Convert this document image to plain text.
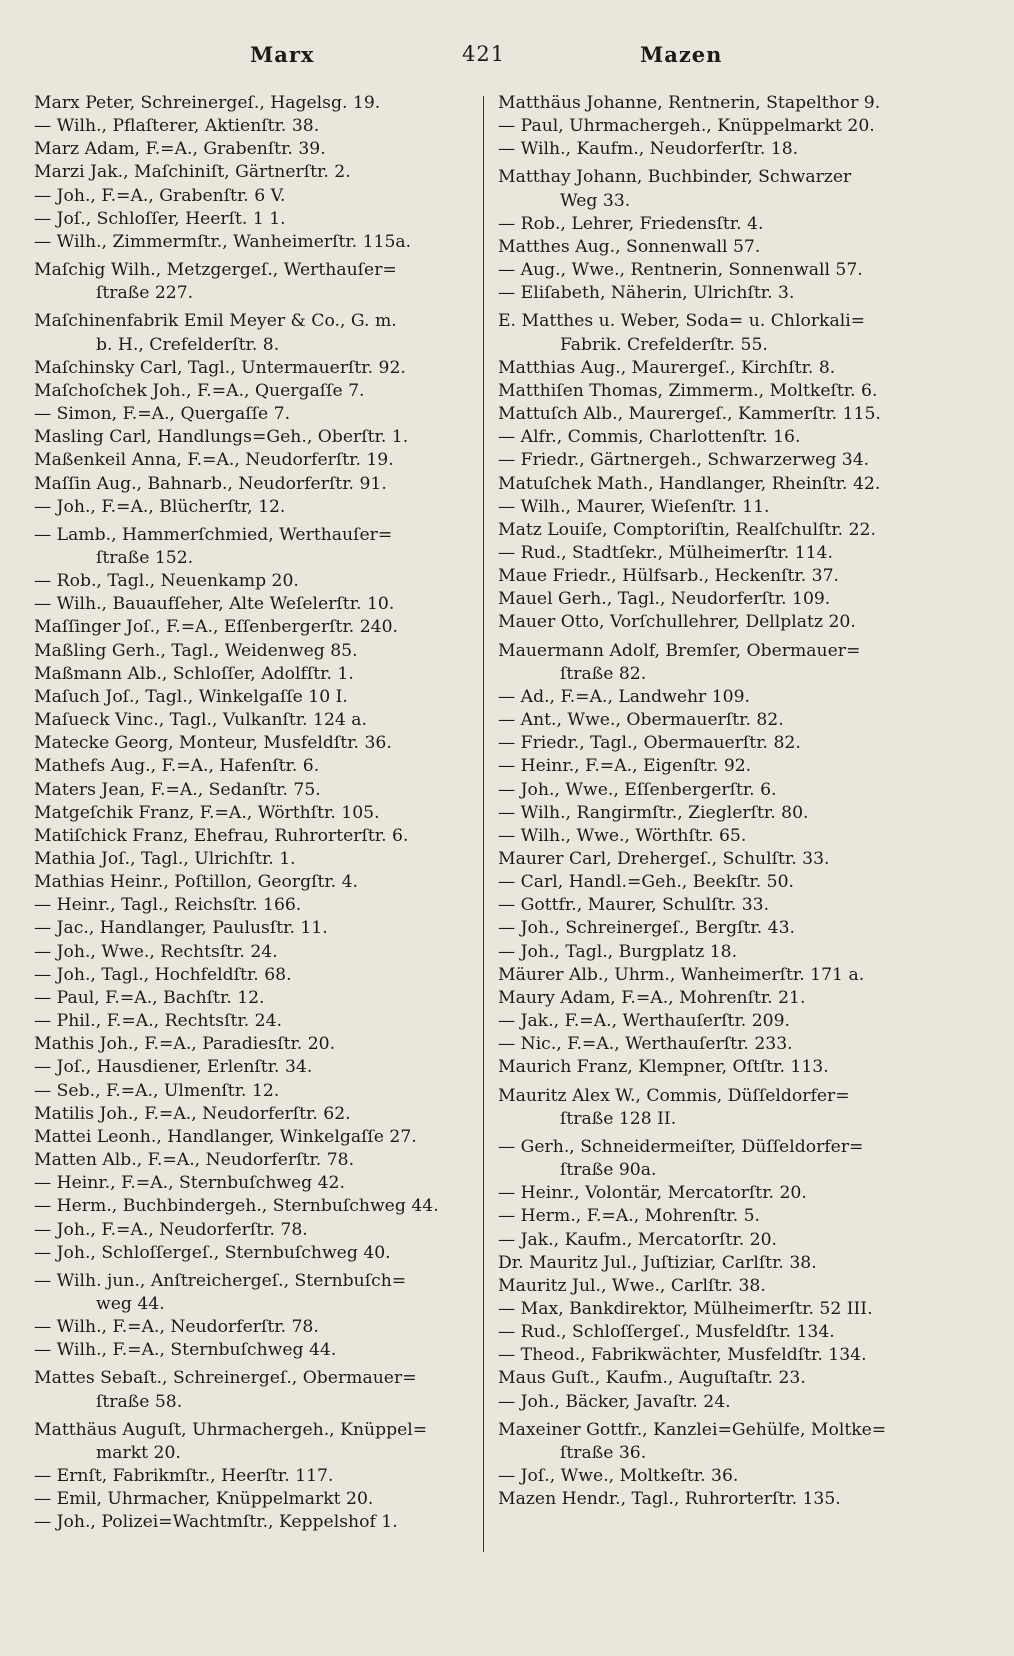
Marx	421	Mazen
Marx Peter, Schreinergeſ., Hagelsg. 19.
— Wilh., Pflaſterer, Aktienſtr. 38.
Marz Adam, F.=A., Grabenſtr. 39.
Marzi Jak., Maſchiniſt, Gärtnerſtr. 2.
— Joh., F.=A., Grabenſtr. 6 V.
— Joſ., Schloſſer, Heerſt. 1 1.
— Wilh., Zimmermſtr., Wanheimerſtr. 115a.
Maſchig Wilh., Metzgergeſ., Werthauſer=
ſtraße 227.
Maſchinenfabrik Emil Meyer & Co., G. m.
b. H., Crefelderſtr. 8.
Maſchinsky Carl, Tagl., Untermauerſtr. 92.
Maſchoſchek Joh., F.=A., Quergaſſe 7.
— Simon, F.=A., Quergaſſe 7.
Masling Carl, Handlungs=Geh., Oberſtr. 1.
Maßenkeil Anna, F.=A., Neudorferſtr. 19.
Maſſin Aug., Bahnarb., Neudorferſtr. 91.
— Joh., F.=A., Blücherſtr, 12.
— Lamb., Hammerſchmied, Werthauſer=
ſtraße 152.
— Rob., Tagl., Neuenkamp 20.
— Wilh., Bauaufſeher, Alte Weſelerſtr. 10.
Maſſinger Joſ., F.=A., Eſſenbergerſtr. 240.
Maßling Gerh., Tagl., Weidenweg 85.
Maßmann Alb., Schloſſer, Adolfſtr. 1.
Maſuch Joſ., Tagl., Winkelgaſſe 10 I.
Maſueck Vinc., Tagl., Vulkanſtr. 124 a.
Matecke Georg, Monteur, Musfeldſtr. 36.
Mathefs Aug., F.=A., Hafenſtr. 6.
Maters Jean, F.=A., Sedanſtr. 75.
Matgeſchik Franz, F.=A., Wörthſtr. 105.
Matiſchick Franz, Ehefrau, Ruhrorterſtr. 6.
Mathia Joſ., Tagl., Ulrichſtr. 1.
Mathias Heinr., Poſtillon, Georgſtr. 4.
— Heinr., Tagl., Reichsſtr. 166.
— Jac., Handlanger, Paulusſtr. 11.
— Joh., Wwe., Rechtsſtr. 24.
— Joh., Tagl., Hochfeldſtr. 68.
— Paul, F.=A., Bachſtr. 12.
— Phil., F.=A., Rechtsſtr. 24.
Mathis Joh., F.=A., Paradiesſtr. 20.
— Joſ., Hausdiener, Erlenſtr. 34.
— Seb., F.=A., Ulmenſtr. 12.
Matilis Joh., F.=A., Neudorferſtr. 62.
Mattei Leonh., Handlanger, Winkelgaſſe 27.
Matten Alb., F.=A., Neudorferſtr. 78.
— Heinr., F.=A., Sternbuſchweg 42.
— Herm., Buchbindergeh., Sternbuſchweg 44.
— Joh., F.=A., Neudorferſtr. 78.
— Joh., Schloſſergeſ., Sternbuſchweg 40.
— Wilh. jun., Anſtreichergeſ., Sternbuſch=
weg 44.
— Wilh., F.=A., Neudorferſtr. 78.
— Wilh., F.=A., Sternbuſchweg 44.
Mattes Sebaſt., Schreinergeſ., Obermauer=
ſtraße 58.
Matthäus Auguſt, Uhrmachergeh., Knüppel=
markt 20.
— Ernſt, Fabrikmſtr., Heerſtr. 117.
— Emil, Uhrmacher, Knüppelmarkt 20.
— Joh., Polizei=Wachtmſtr., Keppelshof 1.
Matthäus Johanne, Rentnerin, Stapelthor 9.
— Paul, Uhrmachergeh., Knüppelmarkt 20.
— Wilh., Kaufm., Neudorferſtr. 18.
Matthay Johann, Buchbinder, Schwarzer
Weg 33.
— Rob., Lehrer, Friedensſtr. 4.
Matthes Aug., Sonnenwall 57.
— Aug., Wwe., Rentnerin, Sonnenwall 57.
— Eliſabeth, Näherin, Ulrichſtr. 3.
E. Matthes u. Weber, Soda= u. Chlorkali=
Fabrik. Crefelderſtr. 55.
Matthias Aug., Maurergeſ., Kirchſtr. 8.
Matthiſen Thomas, Zimmerm., Moltkeſtr. 6.
Mattuſch Alb., Maurergeſ., Kammerſtr. 115.
— Alfr., Commis, Charlottenſtr. 16.
— Friedr., Gärtnergeh., Schwarzerweg 34.
Matuſchek Math., Handlanger, Rheinſtr. 42.
— Wilh., Maurer, Wieſenſtr. 11.
Matz Louiſe, Comptoriſtin, Realſchulſtr. 22.
— Rud., Stadtſekr., Mülheimerſtr. 114.
Maue Friedr., Hülfsarb., Heckenſtr. 37.
Mauel Gerh., Tagl., Neudorferſtr. 109.
Mauer Otto, Vorſchullehrer, Dellplatz 20.
Mauermann Adolf, Bremſer, Obermauer=
ſtraße 82.
— Ad., F.=A., Landwehr 109.
— Ant., Wwe., Obermauerſtr. 82.
— Friedr., Tagl., Obermauerſtr. 82.
— Heinr., F.=A., Eigenſtr. 92.
— Joh., Wwe., Eſſenbergerſtr. 6.
— Wilh., Rangirmſtr., Zieglerſtr. 80.
— Wilh., Wwe., Wörthſtr. 65.
Maurer Carl, Drehergeſ., Schulſtr. 33.
— Carl, Handl.=Geh., Beekſtr. 50.
— Gottfr., Maurer, Schulſtr. 33.
— Joh., Schreinergeſ., Bergſtr. 43.
— Joh., Tagl., Burgplatz 18.
Mäurer Alb., Uhrm., Wanheimerſtr. 171 a.
Maury Adam, F.=A., Mohrenſtr. 21.
— Jak., F.=A., Werthauſerſtr. 209.
— Nic., F.=A., Werthauſerſtr. 233.
Maurich Franz, Klempner, Oſtſtr. 113.
Mauritz Alex W., Commis, Düſſeldorfer=
ſtraße 128 II.
— Gerh., Schneidermeiſter, Düſſeldorfer=
ſtraße 90a.
— Heinr., Volontär, Mercatorſtr. 20.
— Herm., F.=A., Mohrenſtr. 5.
— Jak., Kaufm., Mercatorſtr. 20.
Dr. Mauritz Jul., Juſtiziar, Carlſtr. 38.
Mauritz Jul., Wwe., Carlſtr. 38.
— Max, Bankdirektor, Mülheimerſtr. 52 III.
— Rud., Schloſſergeſ., Musfeldſtr. 134.
— Theod., Fabrikwächter, Musfeldſtr. 134.
Maus Guſt., Kaufm., Auguſtaſtr. 23.
— Joh., Bäcker, Javaſtr. 24.
Maxeiner Gottfr., Kanzlei=Gehülfe, Moltke=
ſtraße 36.
— Joſ., Wwe., Moltkeſtr. 36.
Mazen Hendr., Tagl., Ruhrorterſtr. 135.
